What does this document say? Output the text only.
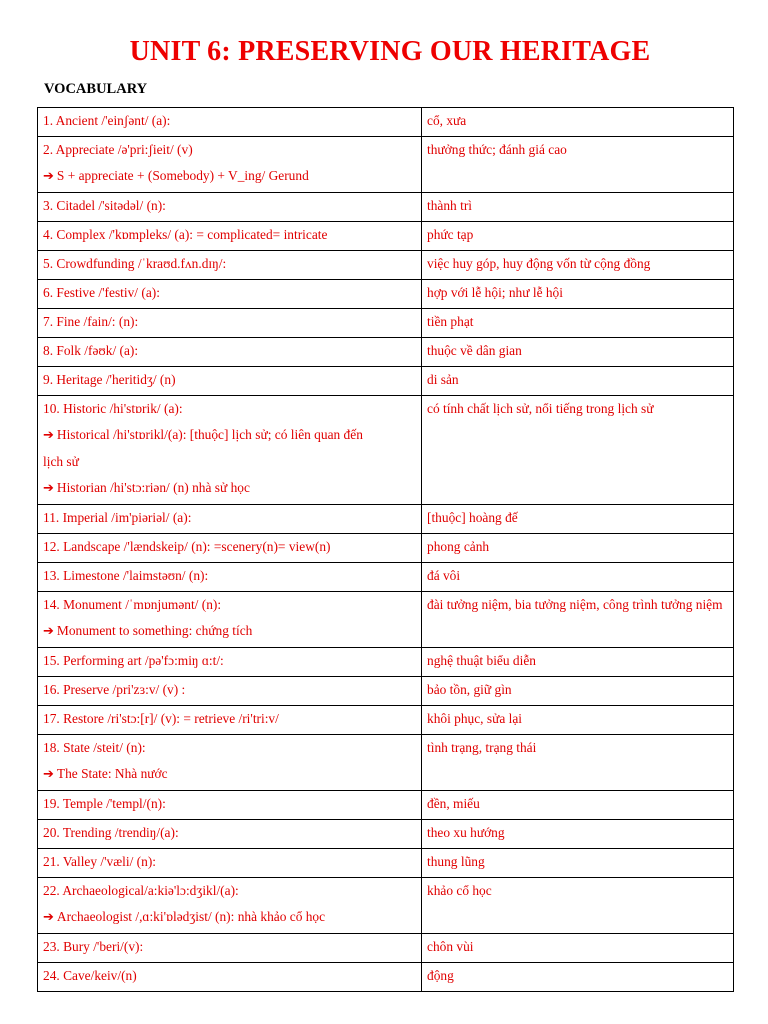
UNIT 6: PRESERVING OUR HERITAGE
VOCABULARY
1. Ancient /'einʃənt/ (a):	cổ, xưa

2. Appreciate /ə'pri:ʃieit/ (v)
➔ S + appreciate + (Somebody) + V_ing/ Gerund	thưởng thức; đánh giá cao

3. Citadel /'sitədəl/ (n):	thành trì

4. Complex /'kɒmpleks/ (a): = complicated= intricate	phức tạp

5. Crowdfunding /ˈkraʊd.fʌn.dɪŋ/:	việc huy góp, huy động vốn từ cộng đồng

6. Festive /'festiv/ (a):	hợp với lễ hội; như lễ hội

7. Fine /fain/: (n):	tiền phạt

8. Folk /fəʊk/ (a):	thuộc về dân gian

9. Heritage /'heritidʒ/ (n)	di sản

10. Historic /hi'stɒrik/ (a):
➔ Historical /hi'stɒrikl/(a): [thuộc] lịch sử; có liên quan đến
lịch sử
➔ Historian /hi'stɔ:riən/ (n) nhà sử học	có tính chất lịch sử, nổi tiếng trong lịch sử

11. Imperial /im'piəriəl/ (a):	[thuộc] hoàng đế

12. Landscape /'lændskeip/ (n): =scenery(n)= view(n)	phong cảnh

13. Limestone /'laimstəʊn/ (n):	đá vôi

14. Monument /ˈmɒnjumənt/ (n):
➔ Monument to something: chứng tích	đài tưởng niệm, bia tưởng niệm, công trình tưởng niệm

15. Performing art /pə'fɔ:miŋ ɑ:t/:	nghệ thuật biểu diễn

16. Preserve /pri'zɜ:v/ (v) :	bảo tồn, giữ gìn

17. Restore /ri'stɔ:[r]/ (v): = retrieve /ri'tri:v/	khôi phục, sửa lại

18. State /steit/ (n):
➔ The State: Nhà nước	tình trạng, trạng thái

19. Temple /'templ/(n):	đền, miếu

20. Trending /trendiŋ/(a):	theo xu hướng

21. Valley /'væli/ (n):	thung lũng

22. Archaeological/a:kiə'lɔ:dʒikl/(a):
➔ Archaeologist /,ɑ:ki'ɒlədʒist/ (n): nhà khảo cổ học	khảo cổ học

23. Bury /'beri/(v):	chôn vùi

24. Cave/keiv/(n)	động
